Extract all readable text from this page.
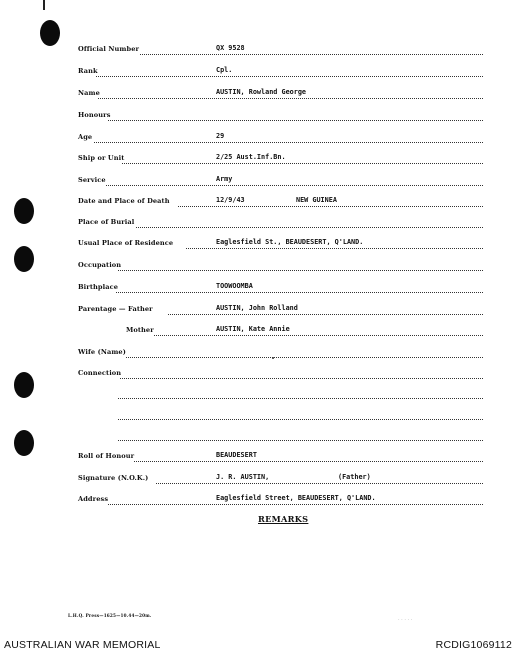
Official Number	QX 9528
Rank	Cpl.
Name	AUSTIN, Rowland George
Honours
Age	29
Ship or Unit	2/25 Aust.Inf.Bn.
Service	Army
Date and Place of Death	12/9/43	NEW GUINEA
Place of Burial
Usual Place of Residence	Eaglesfield St., BEAUDESERT, Q'LAND.
Occupation
Birthplace	TOOWOOMBA
Parentage — Father	AUSTIN, John Rolland
Mother	AUSTIN, Kate Annie
Wife (Name)
Connection
Roll of Honour	BEAUDESERT
Signature (N.O.K.)	J. R. AUSTIN,	(Father)
Address	Eaglesfield Street, BEAUDESERT, Q'LAND.
REMARKS
L.H.Q. Press—1625—10.44—20m.
· · · · ·
AUSTRALIAN WAR MEMORIAL	RCDIG1069112
